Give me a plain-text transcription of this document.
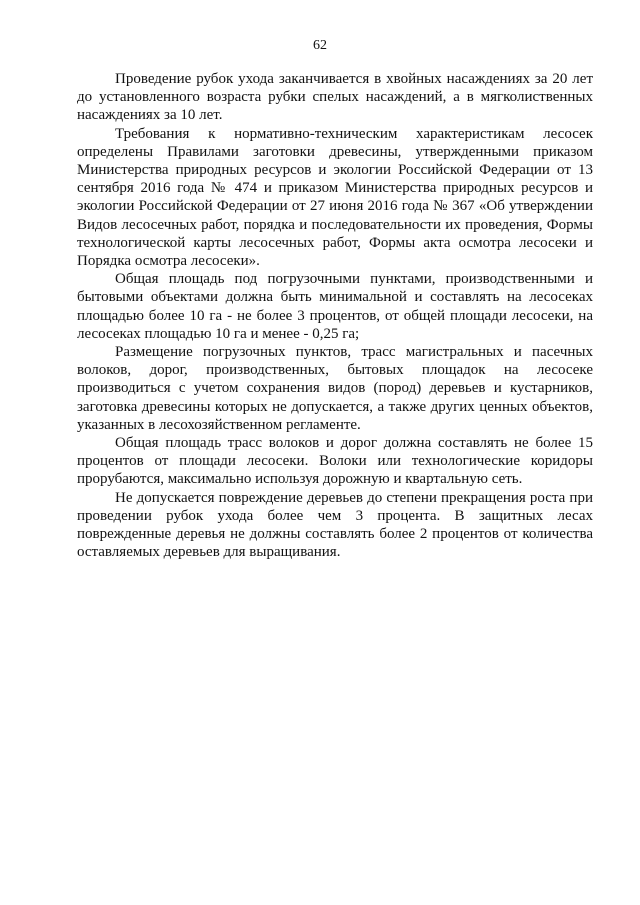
62

Проведение рубок ухода заканчивается в хвойных насаждениях за 20 лет до установленного возраста рубки спелых насаждений, а в мягколиственных насаждениях за 10 лет.

Требования к нормативно-техническим характеристикам лесосек определены Правилами заготовки древесины, утвержденными приказом Министерства природных ресурсов и экологии Российской Федерации от 13 сентября 2016 года № 474 и приказом Министерства природных ресурсов и экологии Российской Федерации от 27 июня 2016 года № 367 «Об утверждении Видов лесосечных работ, порядка и последовательности их проведения, Формы технологической карты лесосечных работ, Формы акта осмотра лесосеки и Порядка осмотра лесосеки».

Общая площадь под погрузочными пунктами, производственными и бытовыми объектами должна быть минимальной и составлять на лесосеках площадью более 10 га - не более 3 процентов, от общей площади лесосеки, на лесосеках площадью 10 га и менее - 0,25 га;

Размещение погрузочных пунктов, трасс магистральных и пасечных волоков, дорог, производственных, бытовых площадок на лесосеке производиться с учетом сохранения видов (пород) деревьев и кустарников, заготовка древесины которых не допускается, а также других ценных объектов, указанных в лесохозяйственном регламенте.

Общая площадь трасс волоков и дорог должна составлять не более 15 процентов от площади лесосеки. Волоки или технологические коридоры прорубаются, максимально используя дорожную и квартальную сеть.

Не допускается повреждение деревьев до степени прекращения роста при проведении рубок ухода более чем 3 процента. В защитных лесах поврежденные деревья не должны составлять более 2 процентов от количества оставляемых деревьев для выращивания.
